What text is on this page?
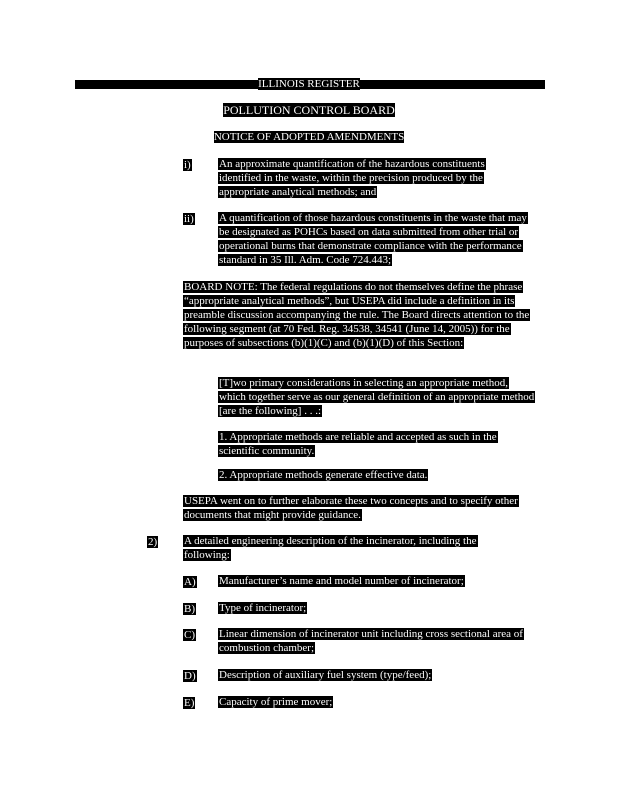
ILLINOIS REGISTER
POLLUTION CONTROL BOARD
NOTICE OF ADOPTED AMENDMENTS
i)	An approximate quantification of the hazardous constituents identified in the waste, within the precision produced by the appropriate analytical methods; and
ii) A quantification of those hazardous constituents in the waste that may be designated as POHCs based on data submitted from other trial or operational burns that demonstrate compliance with the performance standard in 35 Ill. Adm. Code 724.443;
BOARD NOTE: The federal regulations do not themselves define the phrase “appropriate analytical methods”, but USEPA did include a definition in its preamble discussion accompanying the rule. The Board directs attention to the following segment (at 70 Fed. Reg. 34538, 34541 (June 14, 2005)) for the purposes of subsections (b)(1)(C) and (b)(1)(D) of this Section:
[T]wo primary considerations in selecting an appropriate method, which together serve as our general definition of an appropriate method [are the following] . . .:
1. Appropriate methods are reliable and accepted as such in the scientific community.
2. Appropriate methods generate effective data.
USEPA went on to further elaborate these two concepts and to specify other documents that might provide guidance.
2) A detailed engineering description of the incinerator, including the following:
A) Manufacturer’s name and model number of incinerator;
B) Type of incinerator;
C) Linear dimension of incinerator unit including cross sectional area of combustion chamber;
D) Description of auxiliary fuel system (type/feed);
E) Capacity of prime mover;
